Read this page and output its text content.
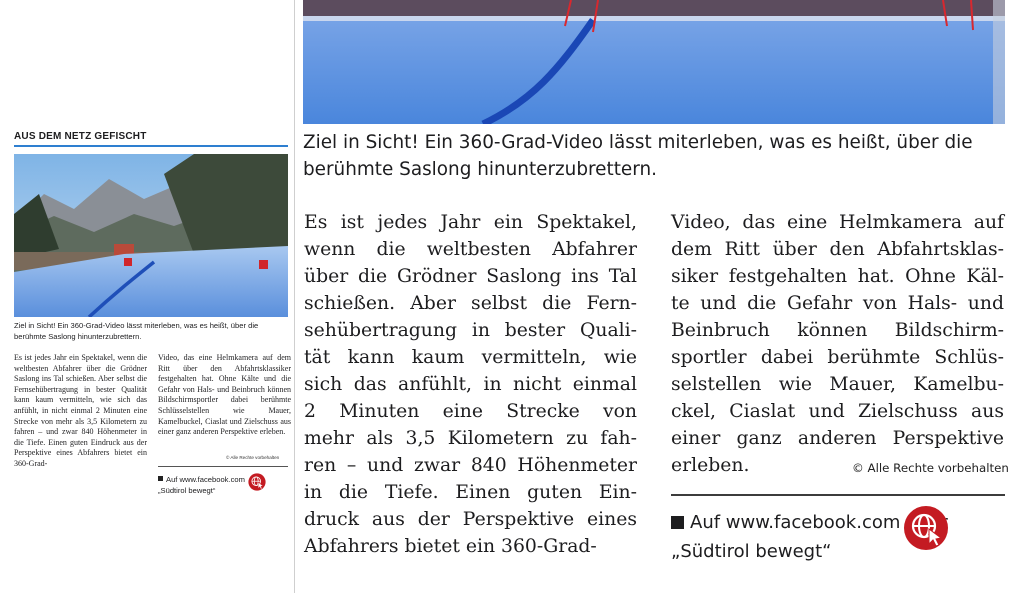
AUS DEM NETZ GEFISCHT
Ziel in Sicht! Ein 360-Grad-Video lässt miterleben, was es heißt, über die berühmte Saslong hinunterzubrettern.
Es ist jedes Jahr ein Spektakel, wenn die weltbesten Abfahrer über die Grödner Saslong ins Tal schießen. Aber selbst die Fernsehübertragung in bester Qualität kann kaum vermitteln, wie sich das anfühlt, in nicht einmal 2 Minuten eine Strecke von mehr als 3,5 Kilometern zu fahren – und zwar 840 Höhenmeter in die Tiefe. Einen guten Eindruck aus der Perspektive eines Abfahrers bietet ein 360-Grad-
Video, das eine Helmkamera auf dem Ritt über den Abfahrtsklassiker festgehalten hat. Ohne Kälte und die Gefahr von Hals- und Beinbruch können Bildschirmsportler dabei berühmte Schlüsselstellen wie Mauer, Kamelbuckel, Ciaslat und Zielschuss aus einer ganz anderen Perspektive erleben.
© Alle Rechte vorbehalten
Auf www.facebook.com
„Südtirol bewegt“
Ziel in Sicht! Ein 360-Grad-Video lässt miterleben, was es heißt, über die berühmte Saslong hinunterzubrettern.
Es ist jedes Jahr ein Spektakel,
wenn die weltbesten Abfahrer
über die Grödner Saslong ins Tal
schießen. Aber selbst die Fern-
sehübertragung in bester Quali-
tät kann kaum vermitteln, wie
sich das anfühlt, in nicht einmal
2 Minuten eine Strecke von
mehr als 3,5 Kilometern zu fah-
ren – und zwar 840 Höhenmeter
in die Tiefe. Einen guten Ein-
druck aus der Perspektive eines
Abfahrers bietet ein 360-Grad-
Video, das eine Helmkamera auf
dem Ritt über den Abfahrtsklas-
siker festgehalten hat. Ohne Käl-
te und die Gefahr von Hals- und
Beinbruch können Bildschirm-
sportler dabei berühmte Schlüs-
selstellen wie Mauer, Kamelbu-
ckel, Ciaslat und Zielschuss aus
einer ganz anderen Perspektive
erleben.	© Alle Rechte vorbehalten
Auf www.facebook.com
„Südtirol bewegt“
